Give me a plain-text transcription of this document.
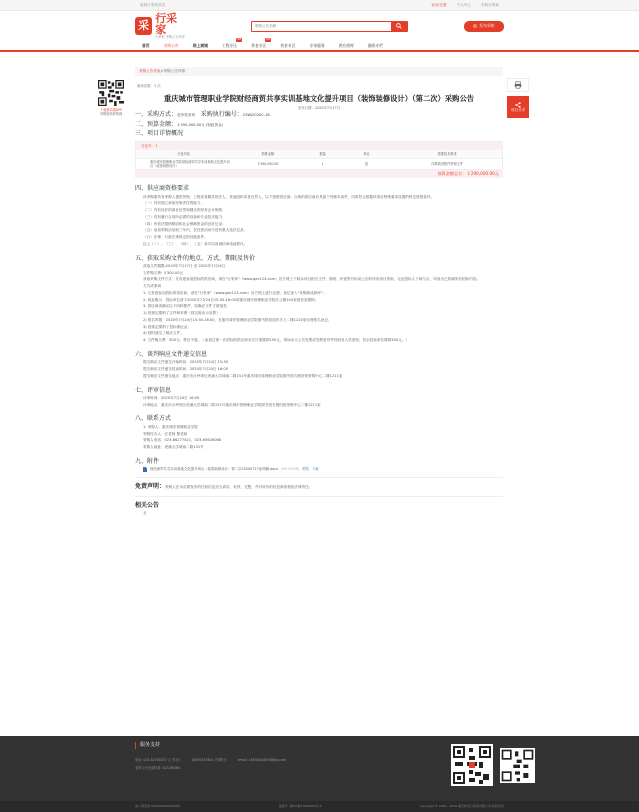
返回行采家首页	登录/注册	个人中心	手机行采家
采
行采家
行采家 采购上行采家
采购公告名称
发布采购
首页	采购公告	网上商城	工程专区
Hot
养老专区
Hot
扶贫专区	专家服务	供应商库	圈资专栏
采购公告列表 > 采购公告详情
下载移动端APP
采购资源库管理
项目分享
阅读次数：1 次
重庆城市管理职业学院财经商贸共享实训基地文化提升项目（装饰装修设计）（第二次）采购公告
发布日期：2020年7月17日
一、采购方式：竞争性谈判 采购执行编号：CSWJ2020C-16
二、预算金额：￥290,000.00元 (财政资金)
三、项目详情概况
分包号：1
分包内容	预算金额	数量	单位	需要技术要求
重庆城市管理职业学院财经商贸共享实训基地文化提升项目（装饰装修设计）	￥290,000.00	1	批	详情请见附件采购文件
预算金额总计：￥290,000.00元
四、供应商资格要求
该采购需具有采购人提供货物、工程或者服务的法人、其他组织或者自然人，以下需联供应商。合格的供应商应具备下列基本条件，同时符合根据该项目特殊要求设置的特定资格条件。
（一）具有独立承担民事责任的能力；
（二）具有良好的商业信誉和健全的财务会计制度；
（三）具有履行合同所必需的设备和专业技术能力；
（四）有依法缴纳税收和社会保障资金的良好记录；
（五）参加采购活动前三年内，在经营活动中没有重大违法记录；
（六）法律、行政法规规定的其他条件。
以上（二）、（三）、（四）、（五）条可以用诚信承诺函替代。
五、获取采购文件的地点、方式、期限及售价
获取文件期限:2020年7月17日 至 2020年7月24日
文件购买费: ￥300.00元
获取采购文件方式：凡有意参加投标的供应商，请在"行采家"（www.gec123.com）官方网上下载本项目相关文件，图纸、补遗等开标前公告的所有项目资料，无论投标人下载与否，均视为已知晓所有招标内容。
方式或事项：
1. 凡有意参加投标的供应商，请在"行采家"（www.gec123.com）官方网上进行注册，登记加入"采购师成商库"；
2. 现金购买：投标单位请于2020年7月24日15:30-16:00到重庆城市管理职业学院办公楼104室财务室缴纳。
3. 供应商须满足以下四种要件，如确应文件才被接受：
1) 按规定缴纳了文件和采费（按名称出示发票）；
2) 报名时限：2020年7月24日15:30-16:00，在重庆城市管理职业学院图书馆前面东手上二楼1210室办理报名登记；
3) 按规定缴纳了投标保证金；
4) 按时递交了响应文件。
4. 文件购买费：300元；售后不退。（参加过第一次招标的供应商本次只需缴纳150元，现场出示上次发票或发票复印件经财务人员查验；其余投标单位缴纳300元。）
六、谈判响应文件递交信息
提交响应文件递交开始时间：2020年7月24日 15:30
提交响应文件递交结束时间：2020年7月24日 16:00
提交响应文件递交地点：重庆市沙坪坝区虎溪大学城南二路151号重庆城市管理职业学院图书馆右侧旧校采购中心二楼1211室
七、评审信息
评审时间：2020年7月24日 16:00
评审地点：重庆市沙坪坝区虎溪大学城南二路151号重庆城市管理职业学院图书馆右侧旧校采购中心二楼1211室
八、联系方式
1. 采购人：重庆城市管理职业学院
采购经办人：汪老师 黎老师
采购人电话：023-86277421，023-65626068
采购人地址：虎溪大学城南二路151号
九、附件
财经商贸共享实训基地文化提升项目（装饰装修设计）第二次20200717征网稿.docx (90.13 KB) 预览 下载
免责声明：采购人在本页面发布的任何信息应当真实、有效、完整，并对所有的信息承担相应法律责任。
相关公告
无
服务支持
电话: 023-62700237 (工作日)	18030037801 (节假日)	email: 14638444878@qq.com
非常公开北部传真: 023-86460
渝公网安备 50010302000496号	备案号: 渝ICP备17005895号-1	copyright © 2016 - 2019 重庆智采行商务有限公司 版权所有
